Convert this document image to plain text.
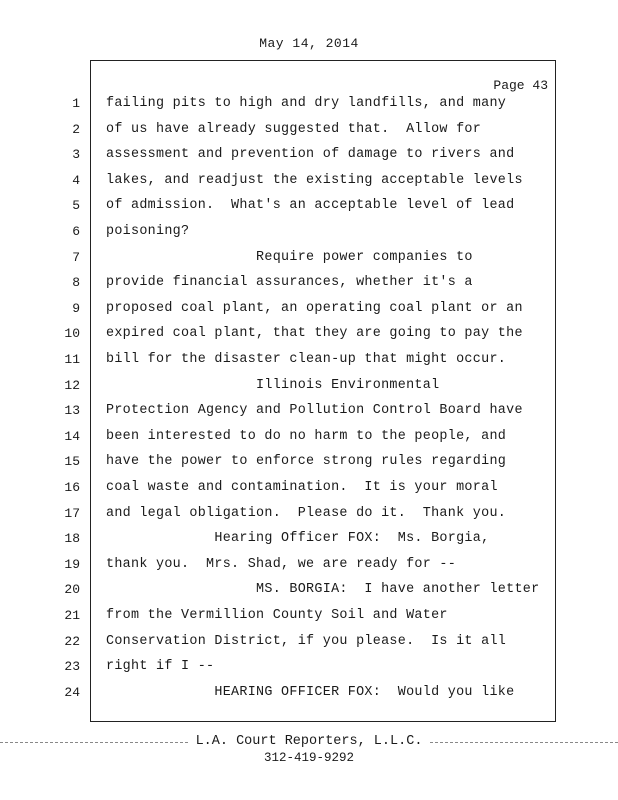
May 14, 2014
Page 43
1 failing pits to high and dry landfills, and many
2 of us have already suggested that.  Allow for
3 assessment and prevention of damage to rivers and
4 lakes, and readjust the existing acceptable levels
5 of admission.  What's an acceptable level of lead
6 poisoning?
7 Require power companies to
8 provide financial assurances, whether it's a
9 proposed coal plant, an operating coal plant or an
10 expired coal plant, that they are going to pay the
11 bill for the disaster clean-up that might occur.
12 Illinois Environmental
13 Protection Agency and Pollution Control Board have
14 been interested to do no harm to the people, and
15 have the power to enforce strong rules regarding
16 coal waste and contamination.  It is your moral
17 and legal obligation.  Please do it.  Thank you.
18 Hearing Officer FOX:  Ms. Borgia,
19 thank you.  Mrs. Shad, we are ready for --
20 MS. BORGIA:  I have another letter
21 from the Vermillion County Soil and Water
22 Conservation District, if you please.  Is it all
23 right if I --
24 HEARING OFFICER FOX:  Would you like
L.A. Court Reporters, L.L.C.
312-419-9292
